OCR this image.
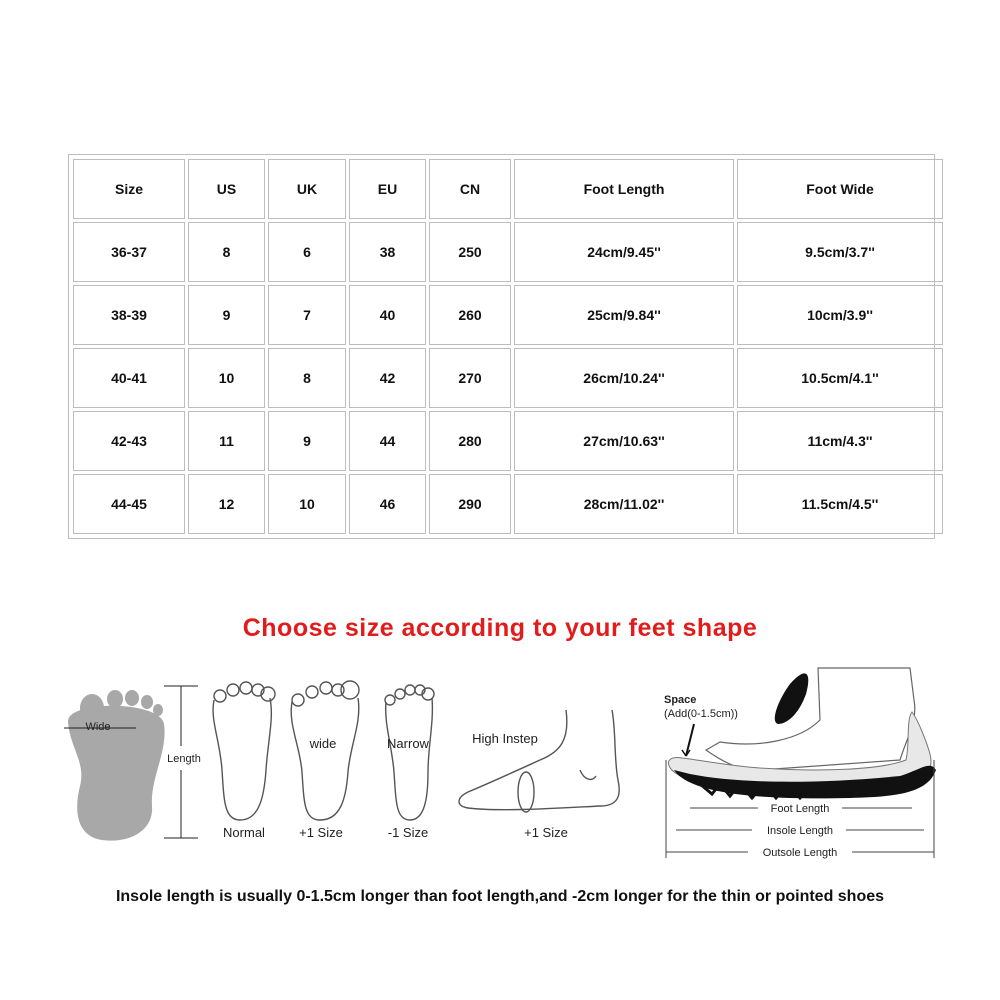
Size	US	UK	EU	CN	Foot Length	Foot Wide
36-37	8	6	38	250	24cm/9.45''	9.5cm/3.7''
38-39	9	7	40	260	25cm/9.84''	10cm/3.9''
40-41	10	8	42	270	26cm/10.24''	10.5cm/4.1''
42-43	11	9	44	280	27cm/10.63''	11cm/4.3''
44-45	12	10	46	290	28cm/11.02''	11.5cm/4.5''
Choose size according to your feet shape
Wide
Length
Normal
wide
+1 Size
Narrow
-1 Size
High Instep
+1 Size
Space
(Add(0-1.5cm))
Foot Length
Insole Length
Outsole Length
Insole length is usually 0-1.5cm longer than foot length,and -2cm longer for the thin or pointed shoes
